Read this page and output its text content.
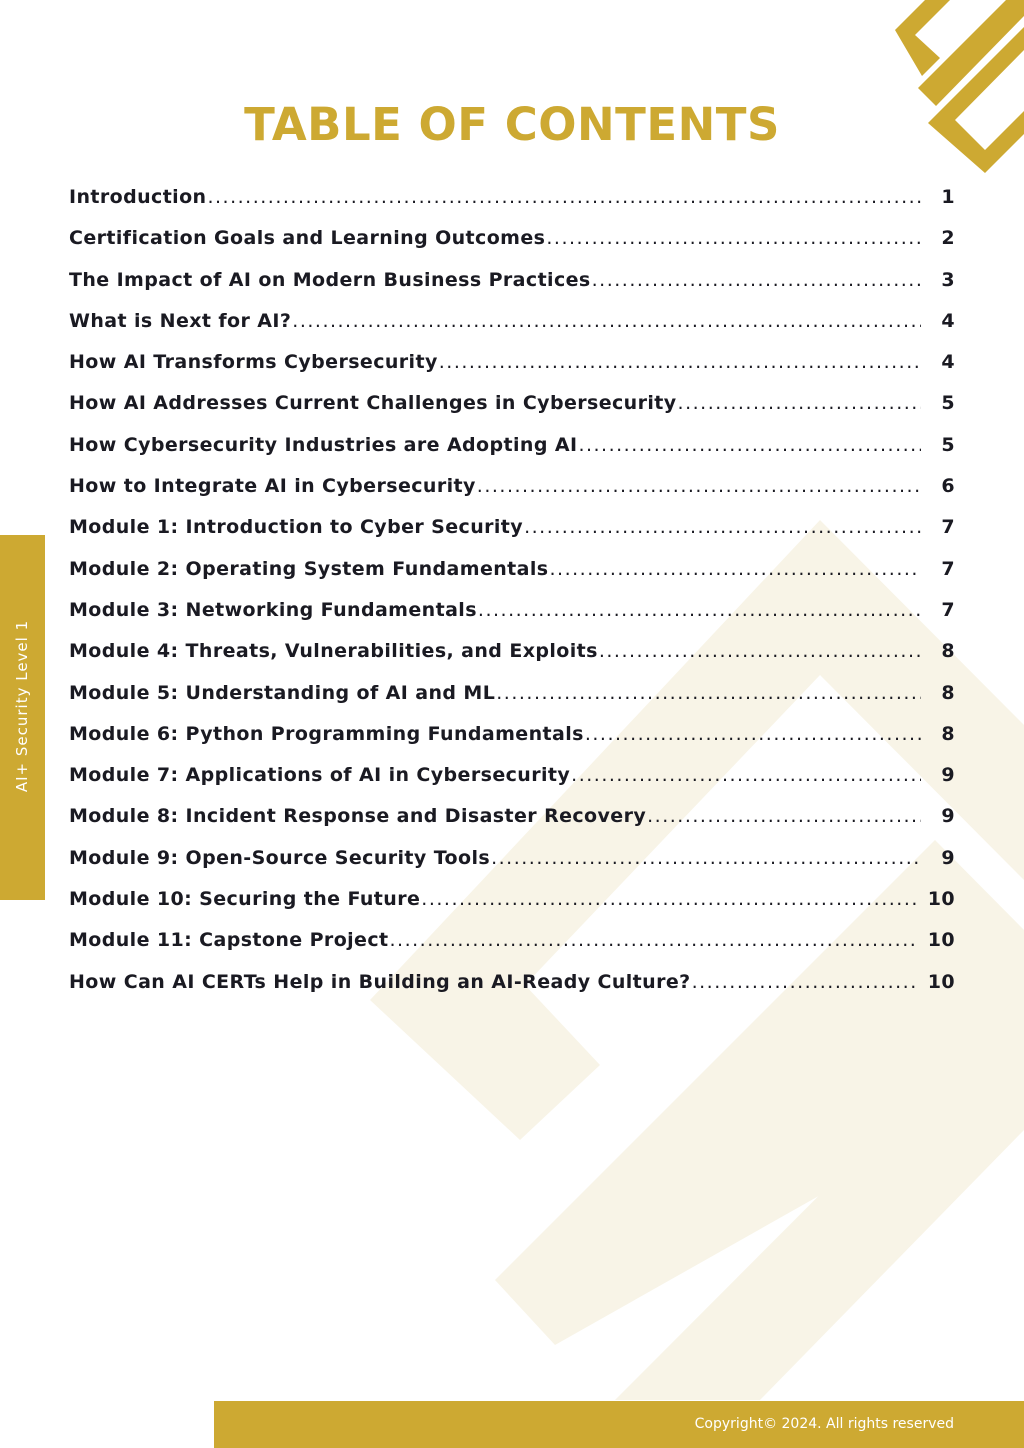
TABLE OF CONTENTS
AI+ Security Level 1
Introduction .....	1
Certification Goals and Learning Outcomes .....	2
The Impact of AI on Modern Business Practices .....	3
What is Next for AI? .....	4
How AI Transforms Cybersecurity .....	4
How AI Addresses Current Challenges in Cybersecurity .....	5
How Cybersecurity Industries are Adopting AI .....	5
How to Integrate AI in Cybersecurity .....	6
Module 1: Introduction to Cyber Security .....	7
Module 2: Operating System Fundamentals .....	7
Module 3: Networking Fundamentals .....	7
Module 4: Threats, Vulnerabilities, and Exploits .....	8
Module 5: Understanding of AI and ML .....	8
Module 6: Python Programming Fundamentals .....	8
Module 7: Applications of AI in Cybersecurity .....	9
Module 8: Incident Response and Disaster Recovery .....	9
Module 9: Open-Source Security Tools .....	9
Module 10: Securing the Future .....	10
Module 11: Capstone Project .....	10
How Can AI CERTs Help in Building an AI-Ready Culture? .....	10
Copyright© 2024. All rights reserved
